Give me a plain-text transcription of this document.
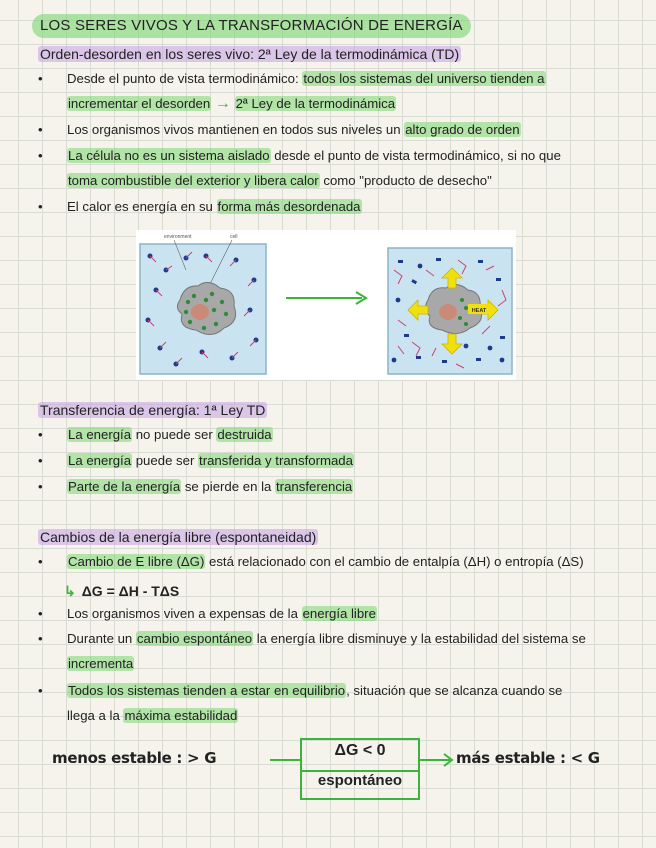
LOS SERES VIVOS Y LA TRANSFORMACIÓN DE ENERGÍA
Orden-desorden en los seres vivo: 2ª Ley de la termodinámica (TD)
•	Desde el punto de vista termodinámico: todos los sistemas del universo tienden a
incrementar el desorden → 2ª Ley de la termodinámica
•	Los organismos vivos mantienen en todos sus niveles un alto grado de orden
•	La célula no es un sistema aislado desde el punto de vista termodinámico, si no que
toma combustible del exterior y libera calor como "producto de desecho"
•	El calor es energía en su forma más desordenada
environment	cell
HEAT
Transferencia de energía: 1ª Ley TD
•	La energía no puede ser destruida
•	La energía puede ser transferida y transformada
•	Parte de la energía se pierde en la transferencia
Cambios de la energía libre (espontaneidad)
•	Cambio de E libre (ΔG) está relacionado con el cambio de entalpía (ΔH) o entropía (ΔS)
↳ ΔG = ΔH - TΔS
•	Los organismos viven a expensas de la energía libre
•	Durante un cambio espontáneo la energía libre disminuye y la estabilidad del sistema se
incrementa
•	Todos los sistemas tienden a estar en equilibrio, situación que se alcanza cuando se
llega a la máxima estabilidad
menos estable : > G	ΔG < 0
espontáneo
más estable : < G
